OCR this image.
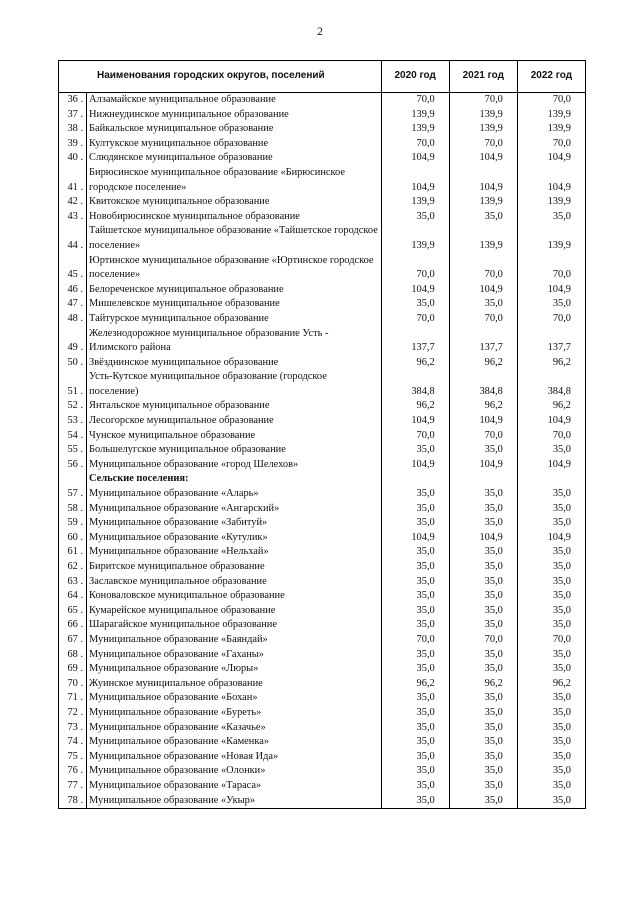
2
Наименования городских округов, поселений		2020 год	2021 год	2022 год
36 .	Алзамайское муниципальное образование	70,0	70,0	70,0
37 .	Нижнеудинское муниципальное образование	139,9	139,9	139,9
38 .	Байкальское муниципальное образование	139,9	139,9	139,9
39 .	Култукское муниципальное образование	70,0	70,0	70,0
40 .	Слюдянское муниципальное образование	104,9	104,9	104,9
41 .	Бирюсинское муниципальное образование «Бирюсинское городское поселение»	104,9	104,9	104,9
42 .	Квитокское муниципальное образование	139,9	139,9	139,9
43 .	Новобирюсинское муниципальное образование	35,0	35,0	35,0
44 .	Тайшетское муниципальное образование «Тайшетское городское поселение»	139,9	139,9	139,9
45 .	Юртинское муниципальное образование «Юртинское городское поселение»	70,0	70,0	70,0
46 .	Белореченское муниципальное образование	104,9	104,9	104,9
47 .	Мишелевское муниципальное образование	35,0	35,0	35,0
48 .	Тайтурское муниципальное образование	70,0	70,0	70,0
49 .	Железнодорожное муниципальное образование Усть - Илимского района	137,7	137,7	137,7
50 .	Звёзднинское муниципальное образование	96,2	96,2	96,2
51 .	Усть-Кутское муниципальное образование (городское поселение)	384,8	384,8	384,8
52 .	Янтальское муниципальное образование	96,2	96,2	96,2
53 .	Лесогорское муниципальное образование	104,9	104,9	104,9
54 .	Чунское муниципальное образование	70,0	70,0	70,0
55 .	Большелугское муниципальное образование	35,0	35,0	35,0
56 .	Муниципальное образование «город Шелехов»	104,9	104,9	104,9
	Сельские поселения:			
57 .	Муниципальное образование «Аларь»	35,0	35,0	35,0
58 .	Муниципальное образование «Ангарский»	35,0	35,0	35,0
59 .	Муниципальное образование «Забитуй»	35,0	35,0	35,0
60 .	Муниципальное образование «Кутулик»	104,9	104,9	104,9
61 .	Муниципальное образование «Нельхай»	35,0	35,0	35,0
62 .	Биритское муниципальное образование	35,0	35,0	35,0
63 .	Заславское муниципальное образование	35,0	35,0	35,0
64 .	Коноваловское муниципальное образование	35,0	35,0	35,0
65 .	Кумарейское муниципальное образование	35,0	35,0	35,0
66 .	Шарагайское муниципальное образование	35,0	35,0	35,0
67 .	Муниципальное образование «Баяндай»	70,0	70,0	70,0
68 .	Муниципальное образование «Гаханы»	35,0	35,0	35,0
69 .	Муниципальное образование «Люры»	35,0	35,0	35,0
70 .	Жуинское муниципальное образование	96,2	96,2	96,2
71 .	Муниципальное образование «Бохан»	35,0	35,0	35,0
72 .	Муниципальное образование «Буреть»	35,0	35,0	35,0
73 .	Муниципальное образование «Казачье»	35,0	35,0	35,0
74 .	Муниципальное образование «Каменка»	35,0	35,0	35,0
75 .	Муниципальное образование «Новая Ида»	35,0	35,0	35,0
76 .	Муниципальное образование «Олонки»	35,0	35,0	35,0
77 .	Муниципальное образование «Тараса»	35,0	35,0	35,0
78 .	Муниципальное образование «Укыр»	35,0	35,0	35,0
